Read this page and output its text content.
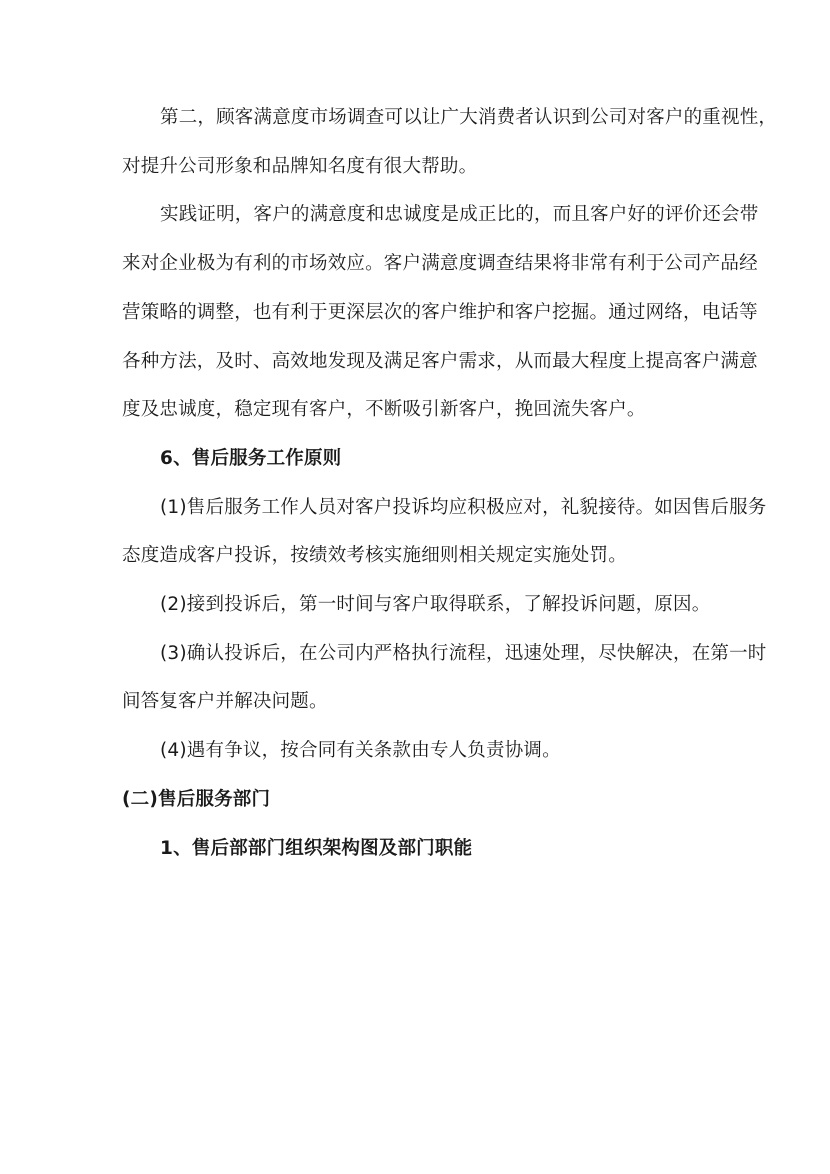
第二，顾客满意度市场调查可以让广大消费者认识到公司对客户的重视性，
对提升公司形象和品牌知名度有很大帮助。
实践证明，客户的满意度和忠诚度是成正比的，而且客户好的评价还会带
来对企业极为有利的市场效应。客户满意度调查结果将非常有利于公司产品经
营策略的调整，也有利于更深层次的客户维护和客户挖掘。通过网络，电话等
各种方法，及时、高效地发现及满足客户需求，从而最大程度上提高客户满意
度及忠诚度，稳定现有客户，不断吸引新客户，挽回流失客户。
6、售后服务工作原则
(1)售后服务工作人员对客户投诉均应积极应对，礼貌接待。如因售后服务
态度造成客户投诉，按绩效考核实施细则相关规定实施处罚。
(2)接到投诉后，第一时间与客户取得联系，了解投诉问题，原因。
(3)确认投诉后，在公司内严格执行流程，迅速处理，尽快解决，在第一时
间答复客户并解决问题。
(4)遇有争议，按合同有关条款由专人负责协调。
(二)售后服务部门
1、售后部部门组织架构图及部门职能
